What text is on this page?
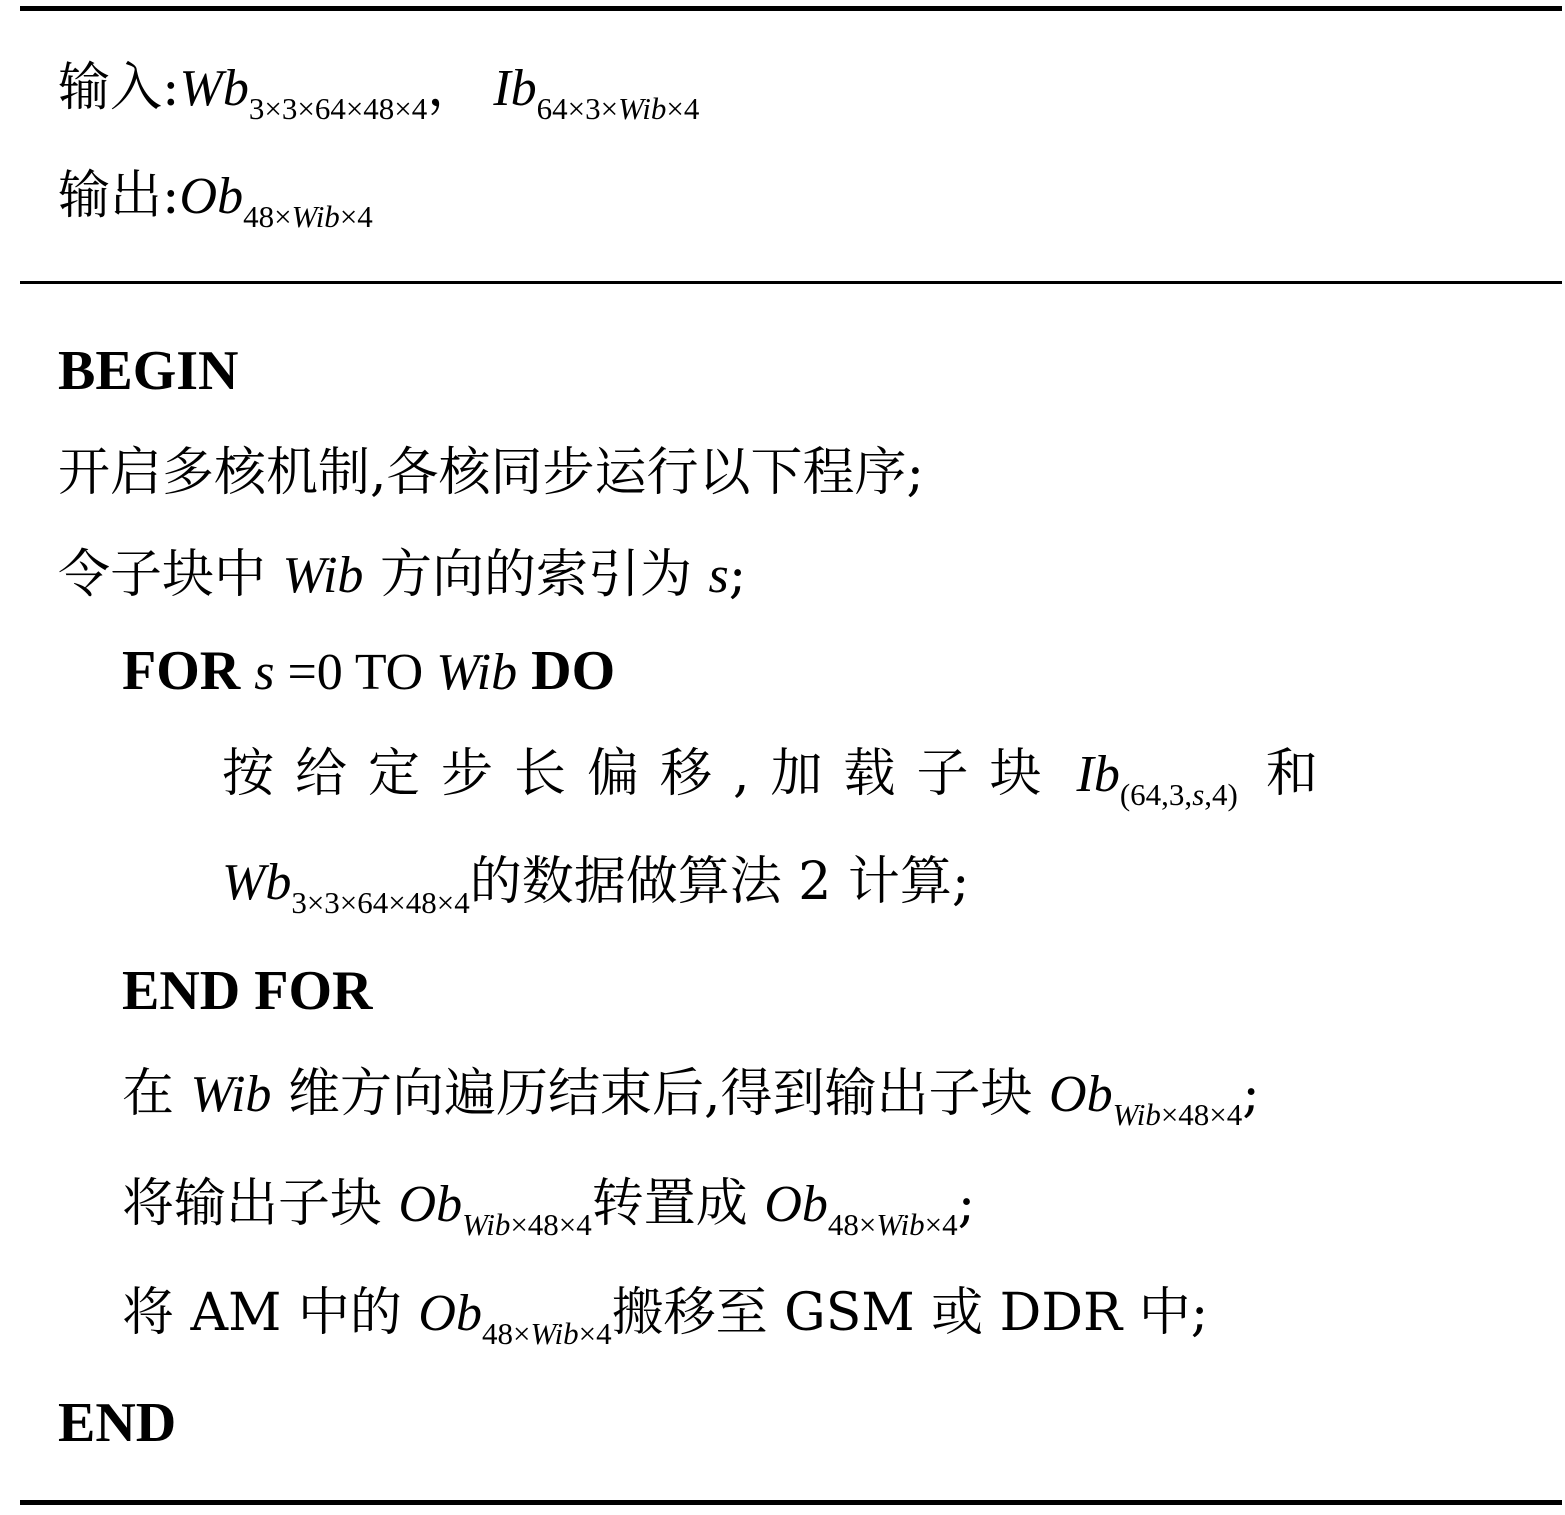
输入$:Wb_{3\times 3\times 64\times 48\times 4}$， $Ib_{64\times 3\times Wib\times 4}$
输出$:Ob_{48\times Wib\times 4}$
BEGIN
开启多核机制,各核同步运行以下程序;
令子块中 Wib 方向的索引为 s;
FOR s =0 TO Wib DO
按给定步长偏移,加载子块 $Ib_{(64,3,s,4)}$ 和
$Wb_{3\times 3\times 64\times 48\times 4}$的数据做算法 2 计算;
END FOR
在 Wib 维方向遍历结束后,得到输出子块 $Ob_{Wib\times 48\times 4}$;
将输出子块 $Ob_{Wib\times 48\times 4}$转置成 $Ob_{48\times Wib\times 4}$;
将 AM 中的 $Ob_{48\times Wib\times 4}$搬移至 GSM 或 DDR 中;
END
